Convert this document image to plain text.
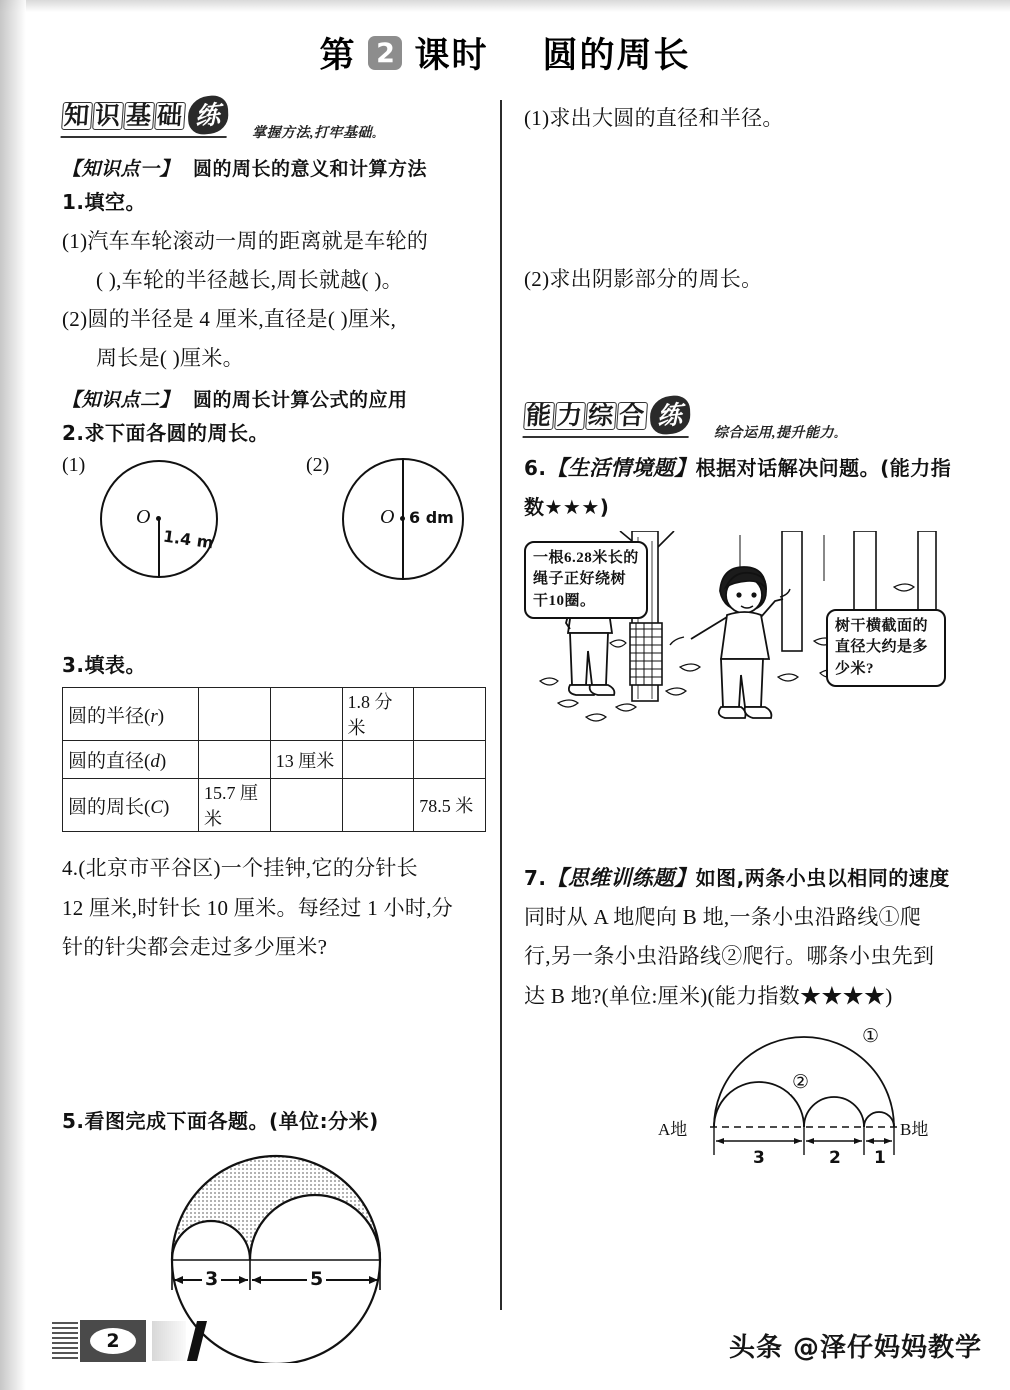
第 2 课时 圆的周长
知 识 基 础 练
掌握方法,打牢基础。
【知识点一】 圆的周长的意义和计算方法
1.填空。
(1)汽车车轮滚动一周的距离就是车轮的
( ),车轮的半径越长,周长就越( )。
(2)圆的半径是 4 厘米,直径是( )厘米,
周长是( )厘米。
【知识点二】 圆的周长计算公式的应用
2.求下面各圆的周长。
(1)
O
1.4 m
(2)
O 6 dm
3.填表。
圆的半径(r)			1.8 分米	
圆的直径(d)		13 厘米		
圆的周长(C)	15.7 厘米			78.5 米
4.(北京市平谷区)一个挂钟,它的分针长
12 厘米,时针长 10 厘米。每经过 1 小时,分
针的针尖都会走过多少厘米?
5.看图完成下面各题。(单位:分米)
3	5
(1)求出大圆的直径和半径。
(2)求出阴影部分的周长。
能 力 综 合 练
综合运用,提升能力。
6.【生活情境题】根据对话解决问题。(能力指
数★★★)
一根6.28米长的绳子正好绕树干10圈。
树干横截面的直径大约是多少米?
7.【思维训练题】如图,两条小虫以相同的速度
同时从 A 地爬向 B 地,一条小虫沿路线①爬
行,另一条小虫沿路线②爬行。哪条小虫先到
达 B 地?(单位:厘米)(能力指数★★★★)
①
②
A地	B地
3	2 1
2	头条 @泽仔妈妈教学
